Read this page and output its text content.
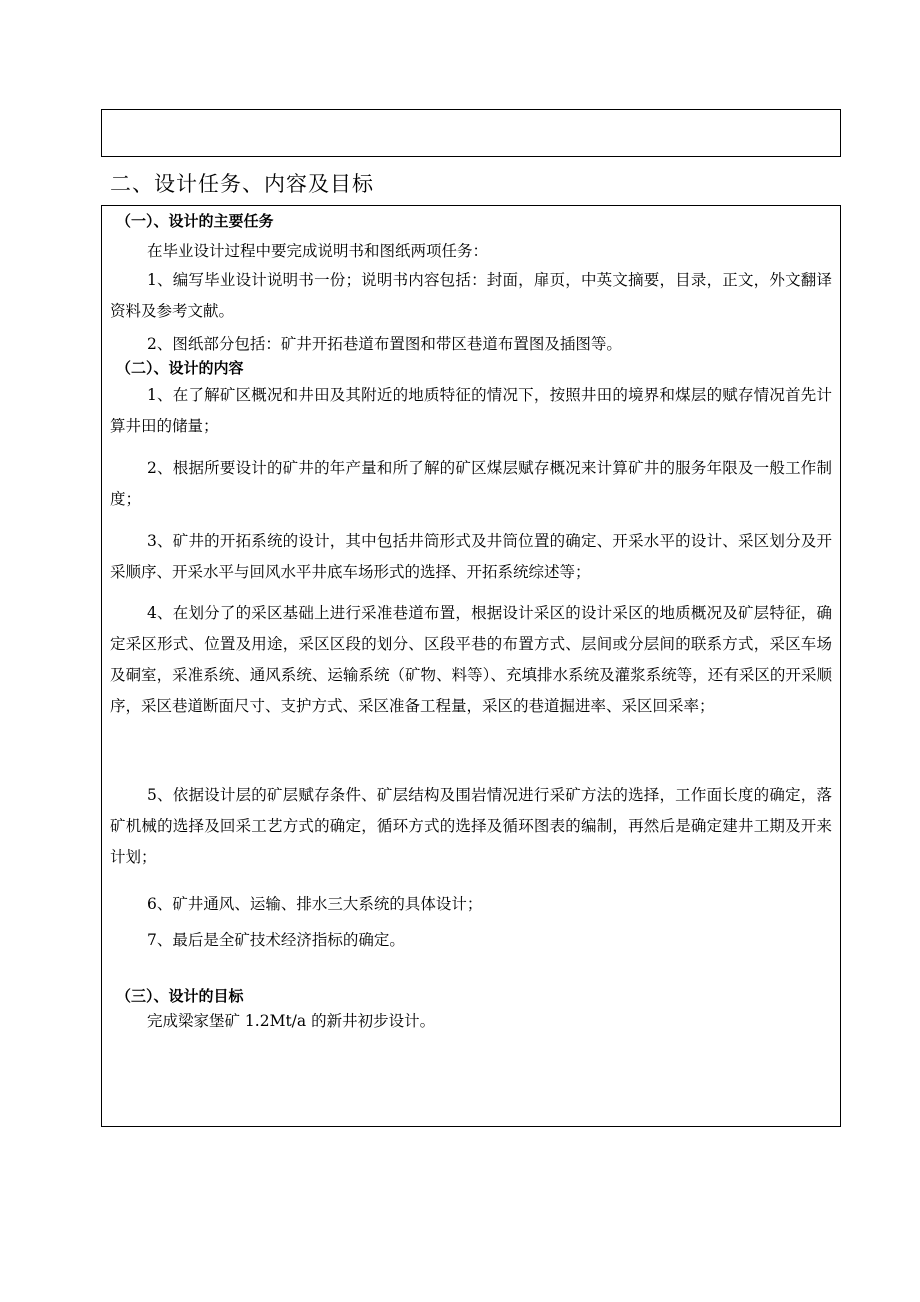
二、设计任务、内容及目标
（一）、设计的主要任务
在毕业设计过程中要完成说明书和图纸两项任务：
1、编写毕业设计说明书一份；说明书内容包括：封面，扉页，中英文摘要，目录，正文，外文翻译资料及参考文献。
2、图纸部分包括：矿井开拓巷道布置图和带区巷道布置图及插图等。
（二）、设计的内容
1、在了解矿区概况和井田及其附近的地质特征的情况下，按照井田的境界和煤层的赋存情况首先计算井田的储量；
2、根据所要设计的矿井的年产量和所了解的矿区煤层赋存概况来计算矿井的服务年限及一般工作制度；
3、矿井的开拓系统的设计，其中包括井筒形式及井筒位置的确定、开采水平的设计、采区划分及开采顺序、开采水平与回风水平井底车场形式的选择、开拓系统综述等；
4、在划分了的采区基础上进行采准巷道布置，根据设计采区的设计采区的地质概况及矿层特征，确定采区形式、位置及用途，采区区段的划分、区段平巷的布置方式、层间或分层间的联系方式，采区车场及硐室，采准系统、通风系统、运输系统（矿物、料等）、充填排水系统及灌浆系统等，还有采区的开采顺序，采区巷道断面尺寸、支护方式、采区准备工程量，采区的巷道掘进率、采区回采率；
5、依据设计层的矿层赋存条件、矿层结构及围岩情况进行采矿方法的选择，工作面长度的确定，落矿机械的选择及回采工艺方式的确定，循环方式的选择及循环图表的编制，再然后是确定建井工期及开来计划；
6、矿井通风、运输、排水三大系统的具体设计；
7、最后是全矿技术经济指标的确定。
（三）、设计的目标
完成梁家堡矿 1.2Mt/a 的新井初步设计。
